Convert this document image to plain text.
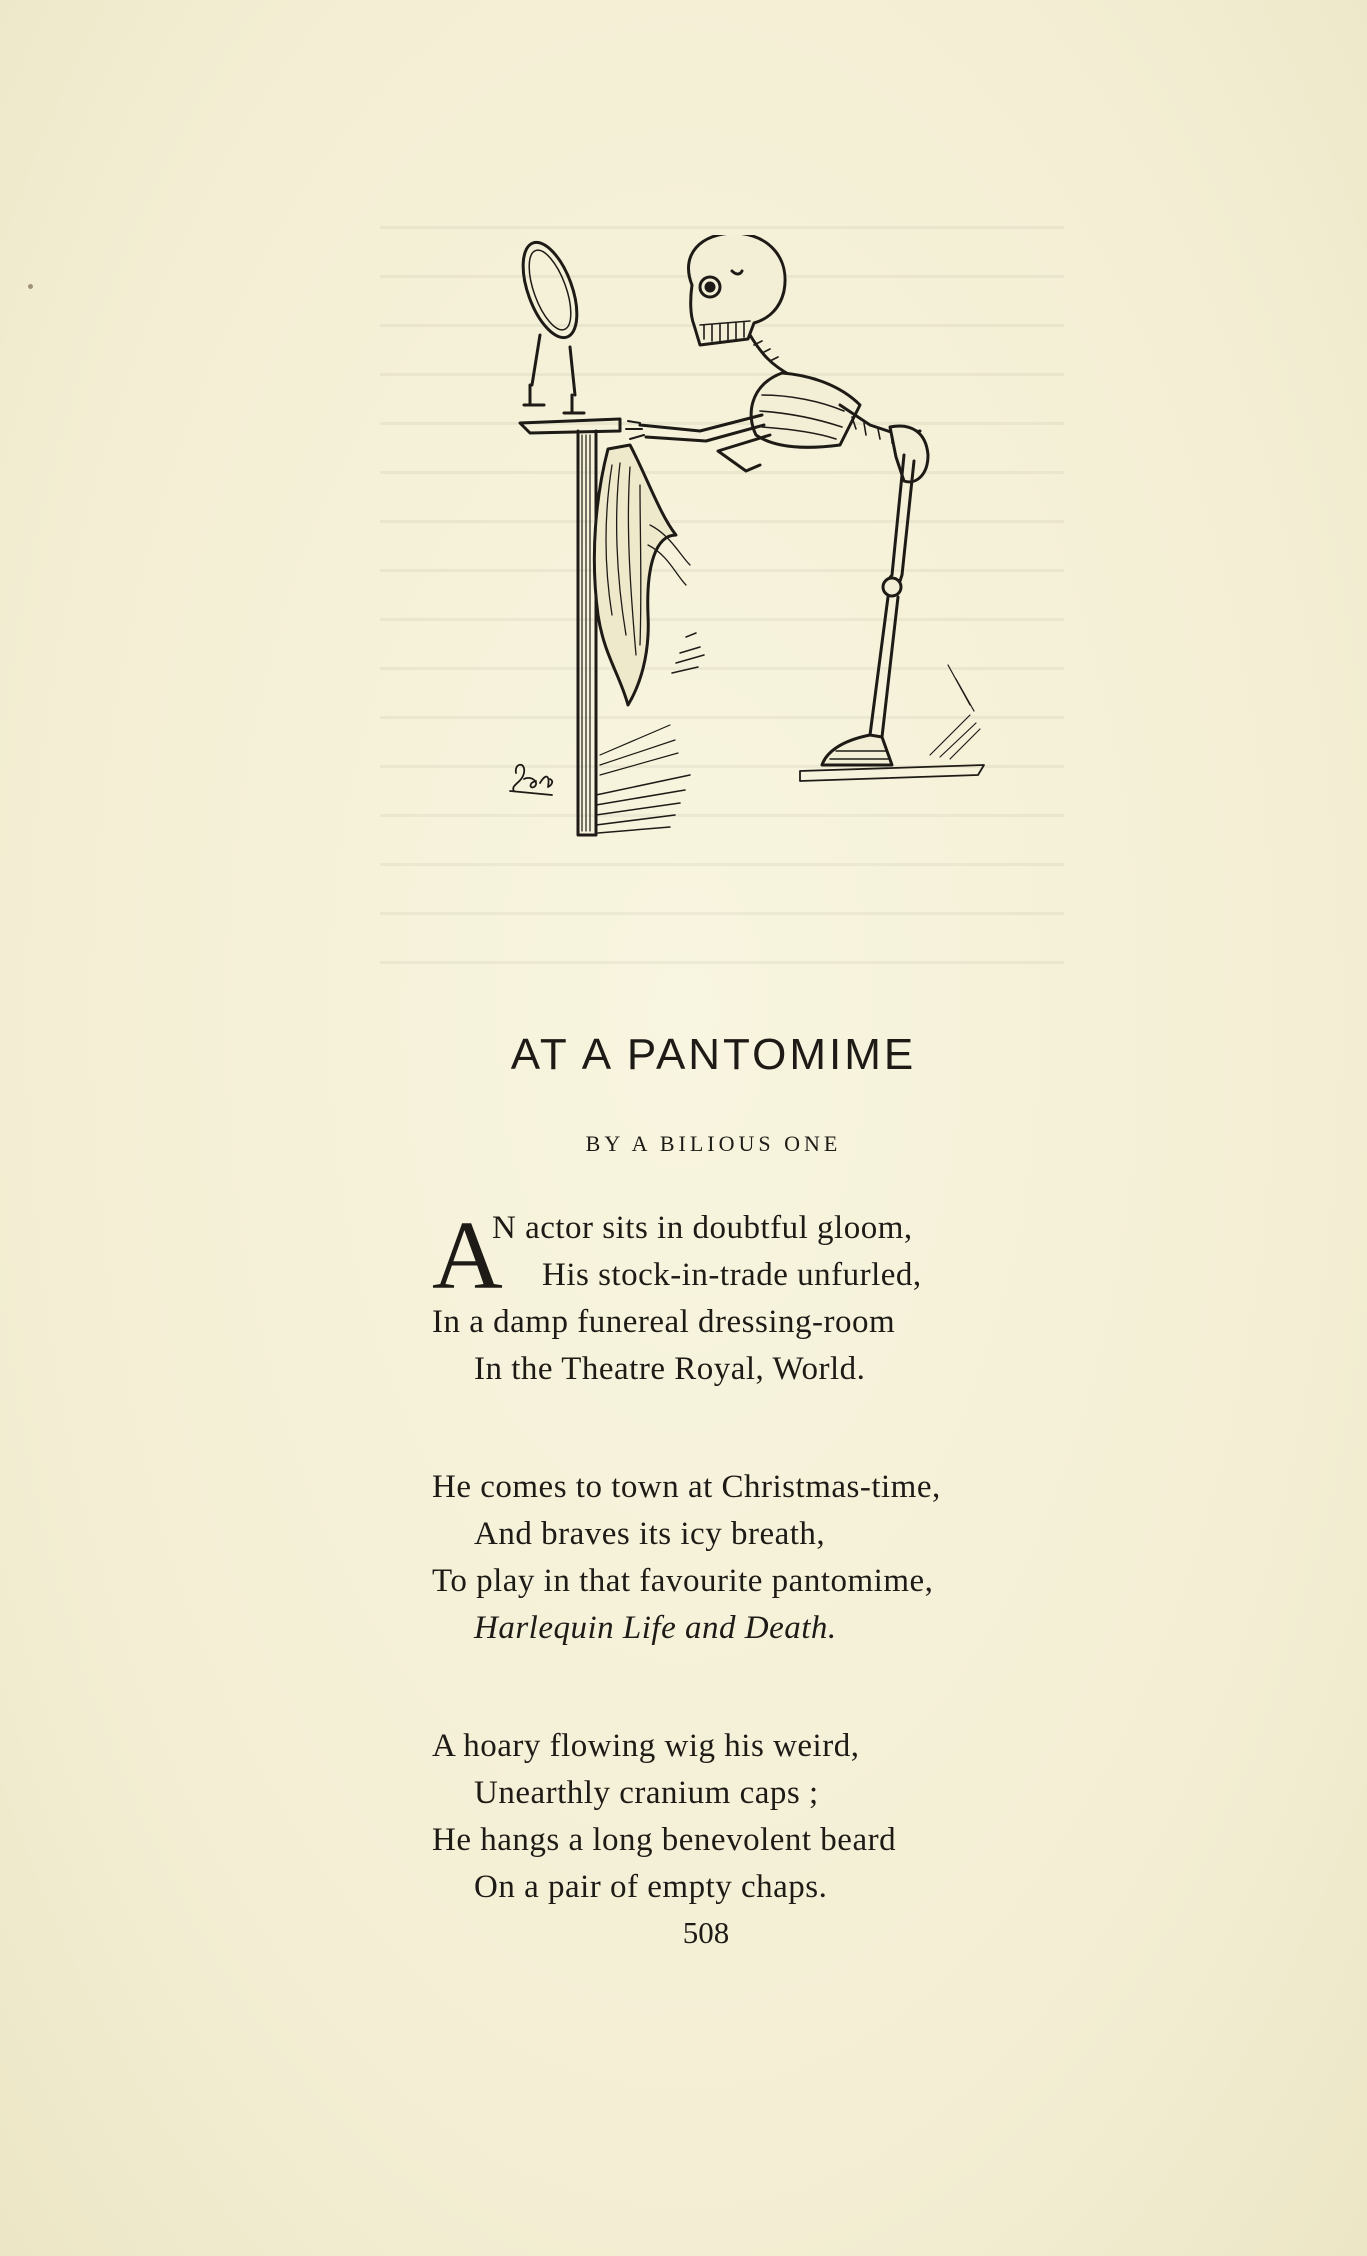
AT A PANTOMIME
BY A BILIOUS ONE
A
N actor sits in doubtful gloom,
His stock-in-trade unfurled,
In a damp funereal dressing-room
In the Theatre Royal, World.
He comes to town at Christmas-time,
And braves its icy breath,
To play in that favourite pantomime,
Harlequin Life and Death.
A hoary flowing wig his weird,
Unearthly cranium caps ;
He hangs a long benevolent beard
On a pair of empty chaps.
508
